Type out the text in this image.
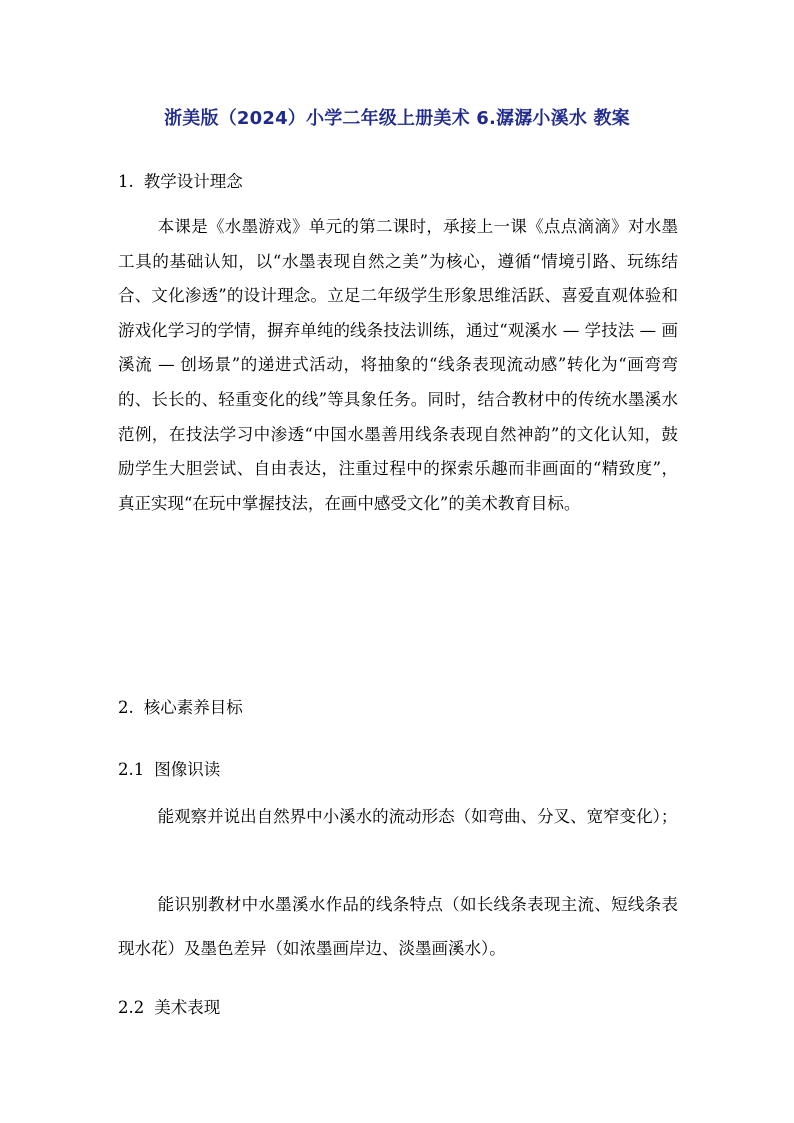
浙美版（2024）小学二年级上册美术 6.潺潺小溪水 教案
1. 教学设计理念

本课是《水墨游戏》单元的第二课时，承接上一课《点点滴滴》对水墨工具的基础认知，以“水墨表现自然之美”为核心，遵循“情境引路、玩练结合、文化渗透”的设计理念。立足二年级学生形象思维活跃、喜爱直观体验和游戏化学习的学情，摒弃单纯的线条技法训练，通过“观溪水 — 学技法 — 画溪流 — 创场景”的递进式活动，将抽象的“线条表现流动感”转化为“画弯弯的、长长的、轻重变化的线”等具象任务。同时，结合教材中的传统水墨溪水范例，在技法学习中渗透“中国水墨善用线条表现自然神韵”的文化认知，鼓励学生大胆尝试、自由表达，注重过程中的探索乐趣而非画面的“精致度”，真正实现“在玩中掌握技法，在画中感受文化”的美术教育目标。

2. 核心素养目标
2.1 图像识读

能观察并说出自然界中小溪水的流动形态（如弯曲、分叉、宽窄变化）；

能识别教材中水墨溪水作品的线条特点（如长线条表现主流、短线条表现水花）及墨色差异（如浓墨画岸边、淡墨画溪水）。

2.2 美术表现
